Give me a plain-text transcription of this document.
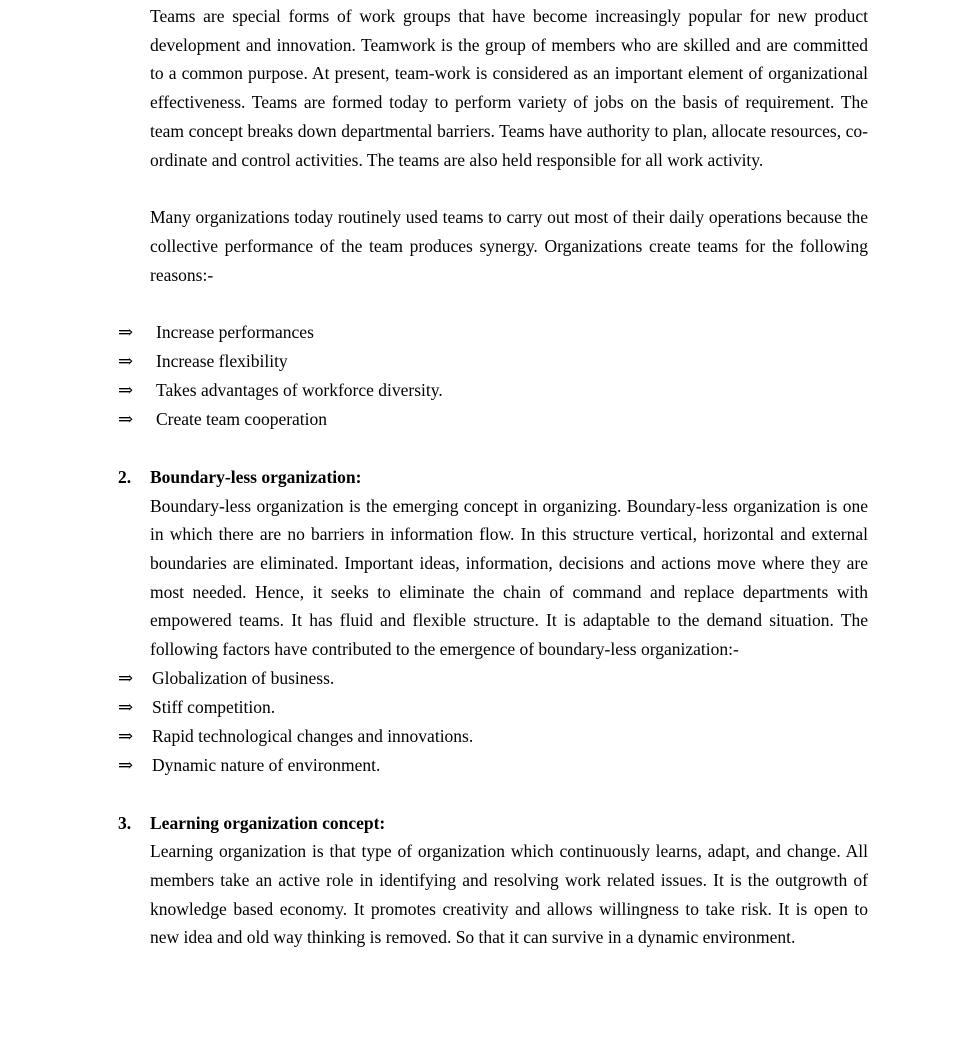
Teams are special forms of work groups that have become increasingly popular for new product development and innovation. Teamwork is the group of members who are skilled and are committed to a common purpose. At present, team-work is considered as an important element of organizational effectiveness. Teams are formed today to perform variety of jobs on the basis of requirement. The team concept breaks down departmental barriers. Teams have authority to plan, allocate resources, co-ordinate and control activities. The teams are also held responsible for all work activity.

Many organizations today routinely used teams to carry out most of their daily operations because the collective performance of the team produces synergy. Organizations create teams for the following reasons:-

⇒	Increase performances
⇒	Increase flexibility
⇒	Takes advantages of workforce diversity.
⇒	Create team cooperation
2.	Boundary-less organization:

Boundary-less organization is the emerging concept in organizing. Boundary-less organization is one in which there are no barriers in information flow. In this structure vertical, horizontal and external boundaries are eliminated. Important ideas, information, decisions and actions move where they are most needed. Hence, it seeks to eliminate the chain of command and replace departments with empowered teams. It has fluid and flexible structure. It is adaptable to the demand situation. The following factors have contributed to the emergence of boundary-less organization:-

⇒	Globalization of business.
⇒	Stiff competition.
⇒	Rapid technological changes and innovations.
⇒	Dynamic nature of environment.
3.	Learning organization concept:

Learning organization is that type of organization which continuously learns, adapt, and change. All members take an active role in identifying and resolving work related issues. It is the outgrowth of knowledge based economy. It promotes creativity and allows willingness to take risk. It is open to new idea and old way thinking is removed. So that it can survive in a dynamic environment.
